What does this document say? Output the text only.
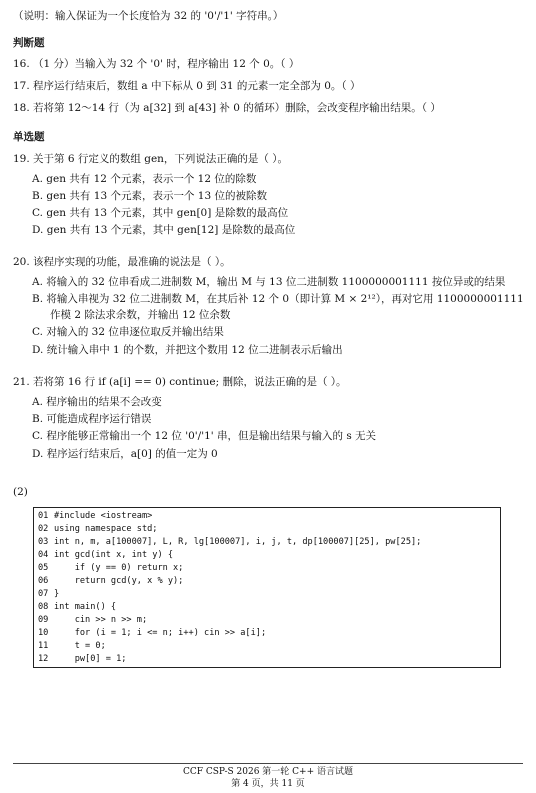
（说明：输入保证为一个长度恰为 32 的 '0'/'1' 字符串。）
判断题
16. （1 分）当输入为 32 个 '0' 时，程序输出 12 个 0。（ ）
17. 程序运行结束后，数组 a 中下标从 0 到 31 的元素一定全部为 0。（ ）
18. 若将第 12～14 行（为 a[32] 到 a[43] 补 0 的循环）删除，会改变程序输出结果。（ ）
单选题
19. 关于第 6 行定义的数组 gen，下列说法正确的是（ ）。
A. gen 共有 12 个元素，表示一个 12 位的除数
B. gen 共有 13 个元素，表示一个 13 位的被除数
C. gen 共有 13 个元素，其中 gen[0] 是除数的最高位
D. gen 共有 13 个元素，其中 gen[12] 是除数的最高位
20. 该程序实现的功能，最准确的说法是（ ）。
A. 将输入的 32 位串看成二进制数 M，输出 M 与 13 位二进制数 1100000001111 按位异或的结果
B. 将输入串视为 32 位二进制数 M，在其后补 12 个 0（即计算 M × 2¹²），再对它用 1100000001111
作模 2 除法求余数，并输出 12 位余数
C. 对输入的 32 位串逐位取反并输出结果
D. 统计输入串中 1 的个数，并把这个数用 12 位二进制表示后输出
21. 若将第 16 行 if (a[i] == 0) continue; 删除，说法正确的是（ ）。
A. 程序输出的结果不会改变
B. 可能造成程序运行错误
C. 程序能够正常输出一个 12 位 '0'/'1' 串，但是输出结果与输入的 s 无关
D. 程序运行结束后，a[0] 的值一定为 0
(2)
01 #include <iostream>
02 using namespace std;
03 int n, m, a[100007], L, R, lg[100007], i, j, t, dp[100007][25], pw[25];
04 int gcd(int x, int y) {
05    if (y == 0) return x;
06    return gcd(y, x % y);
07 }
08 int main() {
09    cin >> n >> m;
10    for (i = 1; i <= n; i++) cin >> a[i];
11    t = 0;
12    pw[0] = 1;
CCF CSP-S 2026 第一轮 C++ 语言试题
第 4 页，共 11 页
